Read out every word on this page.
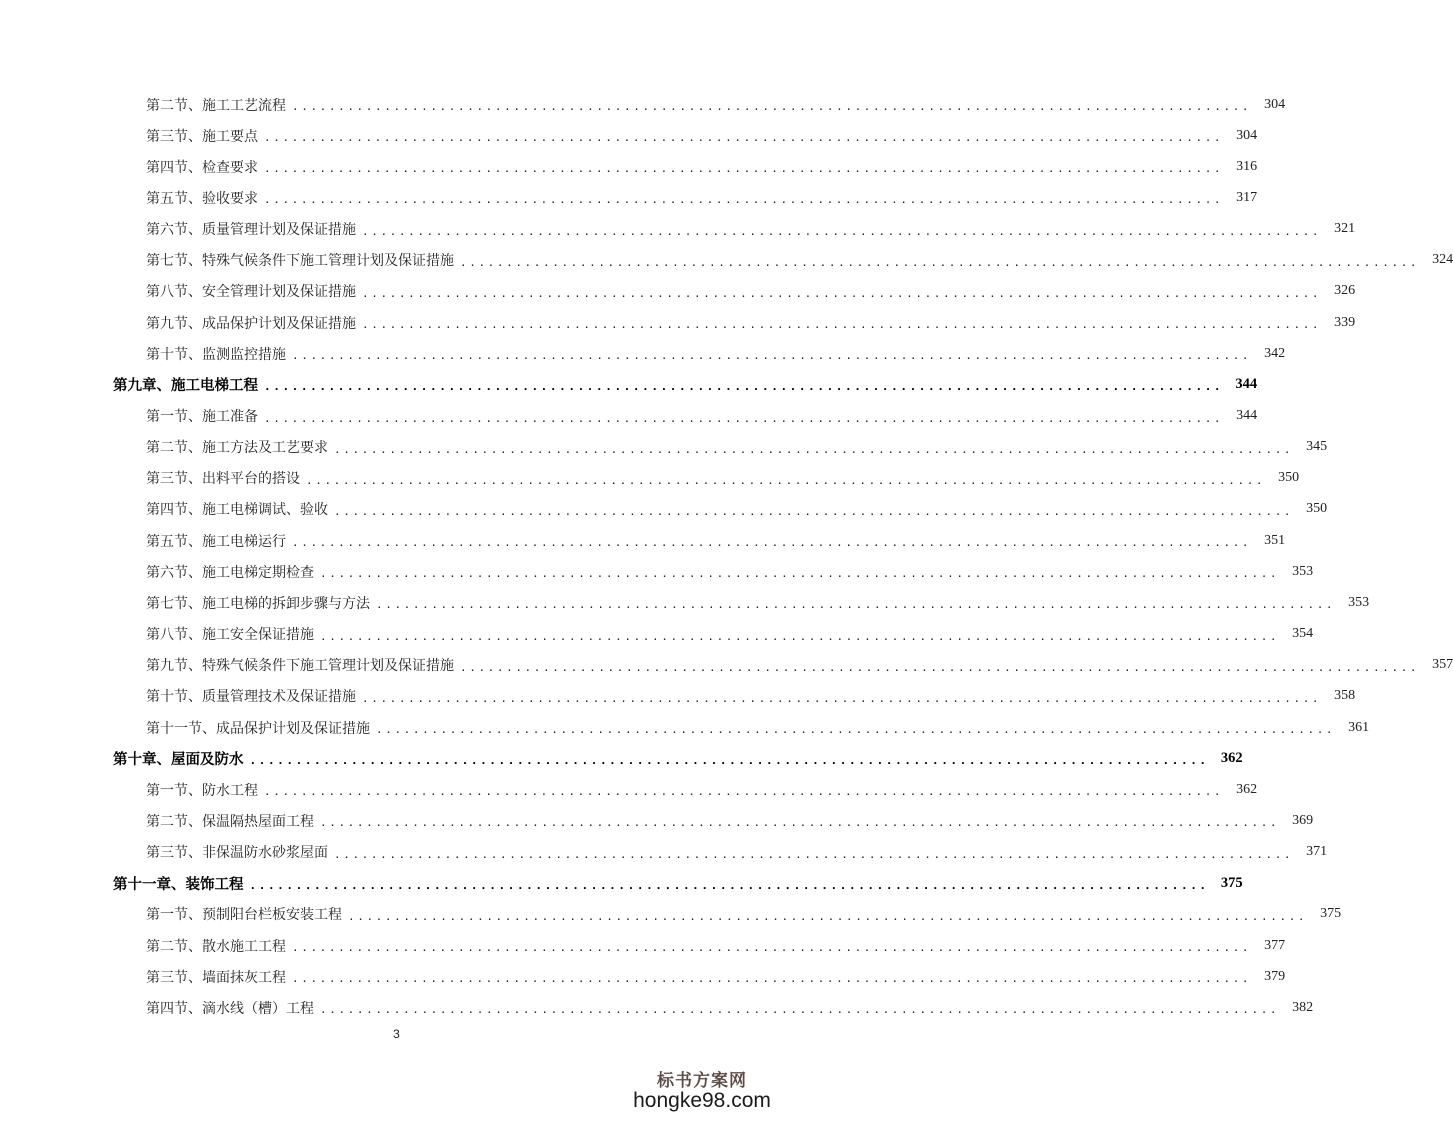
第二节、施工工艺流程 ........................................................................................................ 304
第三节、施工要点 ........................................................................................................ 304
第四节、检查要求 ........................................................................................................ 316
第五节、验收要求 ........................................................................................................ 317
第六节、质量管理计划及保证措施 ........................................................................................................ 321
第七节、特殊气候条件下施工管理计划及保证措施 ........................................................................................................ 324
第八节、安全管理计划及保证措施 ........................................................................................................ 326
第九节、成品保护计划及保证措施 ........................................................................................................ 339
第十节、监测监控措施 ........................................................................................................ 342
第九章、施工电梯工程 ........................................................................................................ 344
第一节、施工准备 ........................................................................................................ 344
第二节、施工方法及工艺要求 ........................................................................................................ 345
第三节、出料平台的搭设 ........................................................................................................ 350
第四节、施工电梯调试、验收 ........................................................................................................ 350
第五节、施工电梯运行 ........................................................................................................ 351
第六节、施工电梯定期检查 ........................................................................................................ 353
第七节、施工电梯的拆卸步骤与方法 ........................................................................................................ 353
第八节、施工安全保证措施 ........................................................................................................ 354
第九节、特殊气候条件下施工管理计划及保证措施 ........................................................................................................ 357
第十节、质量管理技术及保证措施 ........................................................................................................ 358
第十一节、成品保护计划及保证措施 ........................................................................................................ 361
第十章、屋面及防水 ........................................................................................................ 362
第一节、防水工程 ........................................................................................................ 362
第二节、保温隔热屋面工程 ........................................................................................................ 369
第三节、非保温防水砂浆屋面 ........................................................................................................ 371
第十一章、装饰工程 ........................................................................................................ 375
第一节、预制阳台栏板安装工程 ........................................................................................................ 375
第二节、散水施工工程 ........................................................................................................ 377
第三节、墙面抹灰工程 ........................................................................................................ 379
第四节、滴水线（槽）工程 ........................................................................................................ 382
3
标书方案网
hongke98.com
